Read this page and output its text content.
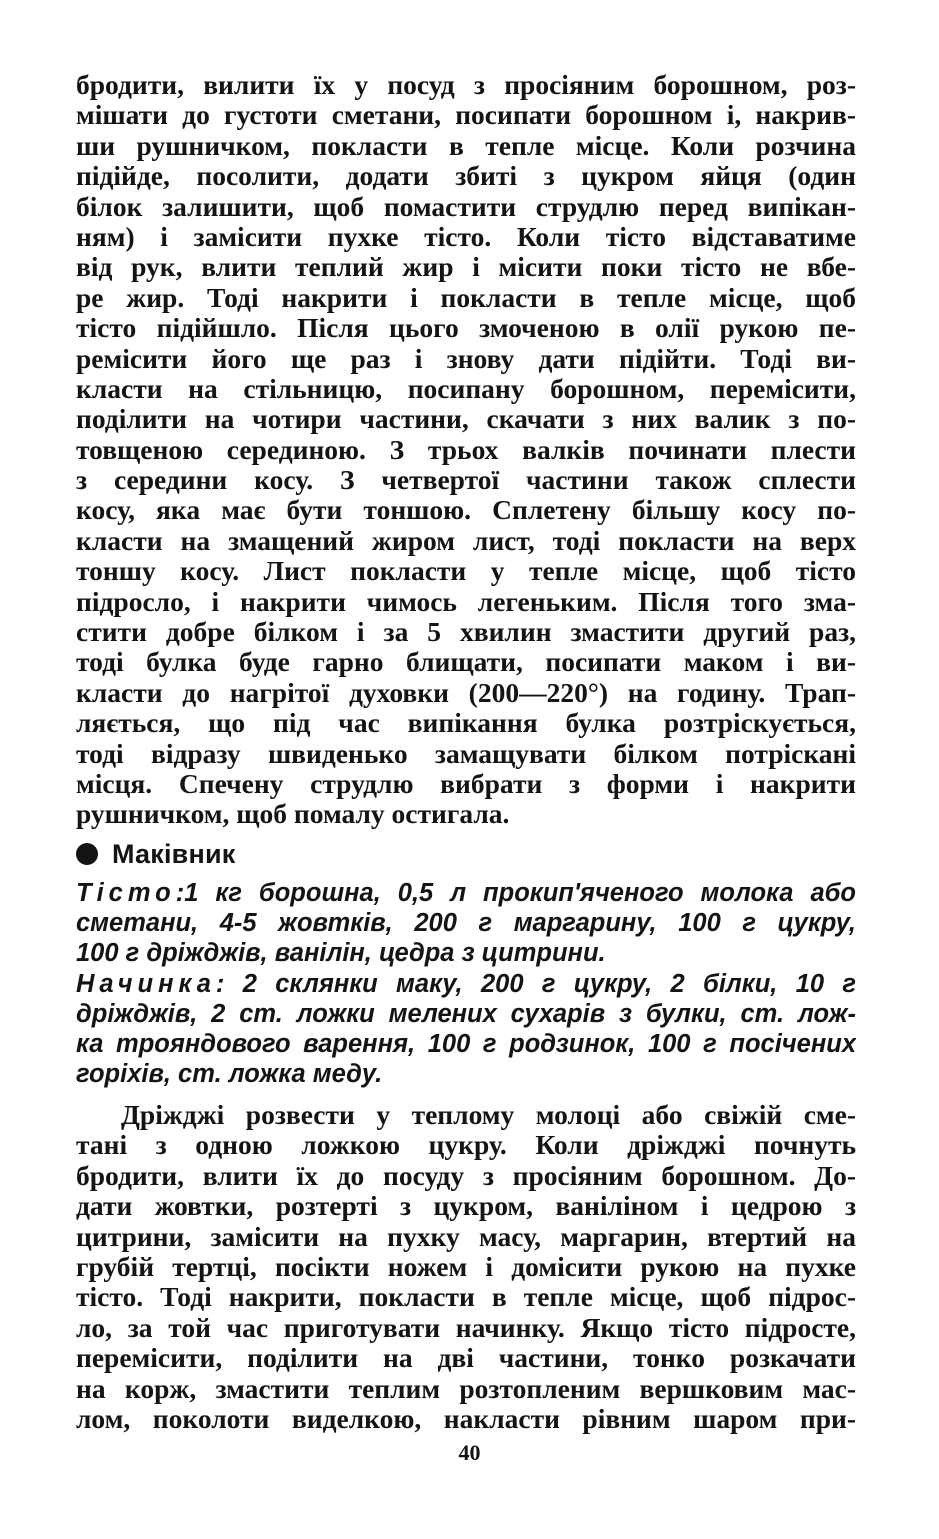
бродити, вилити їх у посуд з просіяним борошном, роз-
мішати до густоти сметани, посипати борошном і, накрив-
ши рушничком, покласти в тепле місце. Коли розчина
підійде, посолити, додати збиті з цукром яйця (один
білок залишити, щоб помастити струдлю перед випікан-
ням) і замісити пухке тісто. Коли тісто відставатиме
від рук, влити теплий жир і місити поки тісто не вбе-
ре жир. Тоді накрити і покласти в тепле місце, щоб
тісто підійшло. Після цього змоченою в олії рукою пе-
ремісити його ще раз і знову дати підійти. Тоді ви-
класти на стільницю, посипану борошном, перемісити,
поділити на чотири частини, скачати з них валик з по-
товщеною серединою. З трьох валків починати плести
з середини косу. З четвертої частини також сплести
косу, яка має бути тоншою. Сплетену більшу косу по-
класти на змащений жиром лист, тоді покласти на верх
тоншу косу. Лист покласти у тепле місце, щоб тісто
підросло, і накрити чимось легеньким. Після того зма-
стити добре білком і за 5 хвилин змастити другий раз,
тоді булка буде гарно блищати, посипати маком і ви-
класти до нагрітої духовки (200—220°) на годину. Трап-
ляється, що під час випікання булка розтріскується,
тоді відразу швиденько замащувати білком потріскані
місця. Спечену струдлю вибрати з форми і накрити
рушничком, щоб помалу остигала.
Маківник
Тісто:1 кг борошна, 0,5 л прокип'яченого молока або
сметани, 4-5 жовтків, 200 г маргарину, 100 г цукру,
100 г дріжджів, ванілін, цедра з цитрини.
Начинка: 2 склянки маку, 200 г цукру, 2 білки, 10 г
дріжджів, 2 ст. ложки мелених сухарів з булки, ст. лож-
ка трояндового варення, 100 г родзинок, 100 г посічених
горіхів, ст. ложка меду.
Дріжджі розвести у теплому молоці або свіжій сме-
тані з одною ложкою цукру. Коли дріжджі почнуть
бродити, влити їх до посуду з просіяним борошном. До-
дати жовтки, розтерті з цукром, ваніліном і цедрою з
цитрини, замісити на пухку масу, маргарин, втертий на
грубій тертці, посікти ножем і домісити рукою на пухке
тісто. Тоді накрити, покласти в тепле місце, щоб підрос-
ло, за той час приготувати начинку. Якщо тісто підросте,
перемісити, поділити на дві частини, тонко розкачати
на корж, змастити теплим розтопленим вершковим мас-
лом, поколоти виделкою, накласти рівним шаром при-
40
